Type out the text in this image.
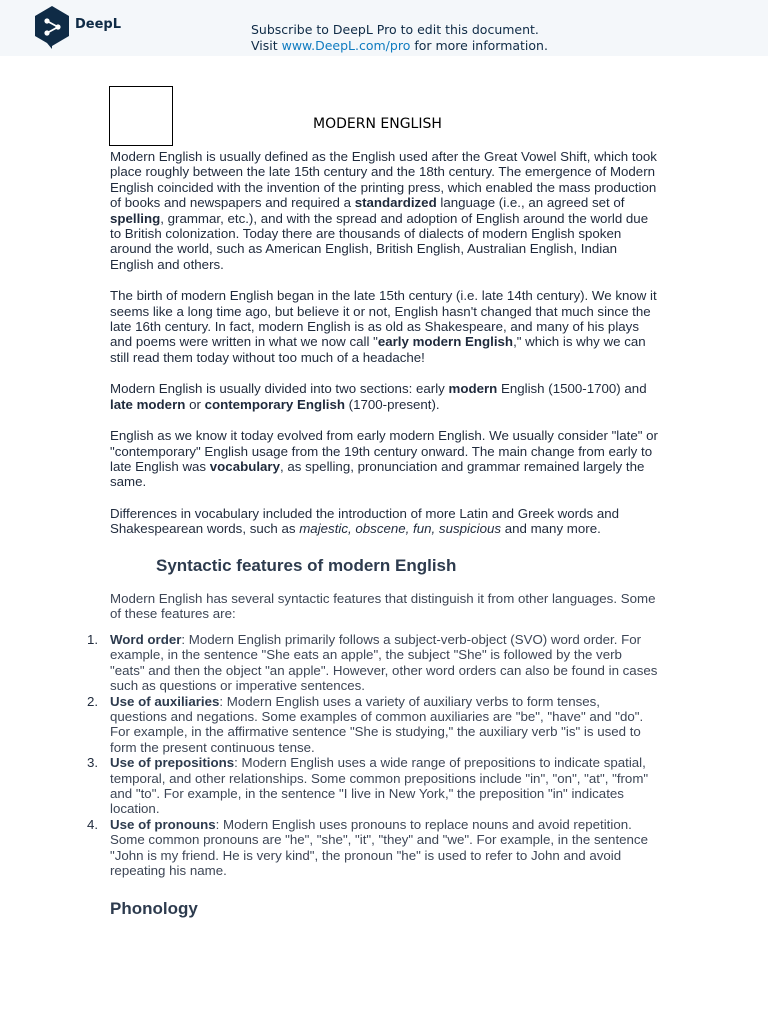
DeepL	Subscribe to DeepL Pro to edit this document.
Visit www.DeepL.com/pro for more information.
MODERN ENGLISH

Modern English is usually defined as the English used after the Great Vowel Shift, which took place roughly between the late 15th century and the 18th century. The emergence of Modern English coincided with the invention of the printing press, which enabled the mass production of books and newspapers and required a standardized language (i.e., an agreed set of spelling, grammar, etc.), and with the spread and adoption of English around the world due to British colonization. Today there are thousands of dialects of modern English spoken around the world, such as American English, British English, Australian English, Indian English and others.

The birth of modern English began in the late 15th century (i.e. late 14th century). We know it seems like a long time ago, but believe it or not, English hasn't changed that much since the late 16th century. In fact, modern English is as old as Shakespeare, and many of his plays and poems were written in what we now call "early modern English," which is why we can still read them today without too much of a headache!

Modern English is usually divided into two sections: early modern English (1500-1700) and late modern or contemporary English (1700-present).

English as we know it today evolved from early modern English. We usually consider "late" or "contemporary" English usage from the 19th century onward. The main change from early to late English was vocabulary, as spelling, pronunciation and grammar remained largely the same.

Differences in vocabulary included the introduction of more Latin and Greek words and Shakespearean words, such as majestic, obscene, fun, suspicious and many more.

Syntactic features of modern English

Modern English has several syntactic features that distinguish it from other languages. Some of these features are:

1. Word order: Modern English primarily follows a subject-verb-object (SVO) word order. For example, in the sentence "She eats an apple", the subject "She" is followed by the verb "eats" and then the object "an apple". However, other word orders can also be found in cases such as questions or imperative sentences.
2. Use of auxiliaries: Modern English uses a variety of auxiliary verbs to form tenses, questions and negations. Some examples of common auxiliaries are "be", "have" and "do". For example, in the affirmative sentence "She is studying," the auxiliary verb "is" is used to form the present continuous tense.
3. Use of prepositions: Modern English uses a wide range of prepositions to indicate spatial, temporal, and other relationships. Some common prepositions include "in", "on", "at", "from" and "to". For example, in the sentence "I live in New York," the preposition "in" indicates location.
4. Use of pronouns: Modern English uses pronouns to replace nouns and avoid repetition. Some common pronouns are "he", "she", "it", "they" and "we". For example, in the sentence "John is my friend. He is very kind", the pronoun "he" is used to refer to John and avoid repeating his name.
Phonology
